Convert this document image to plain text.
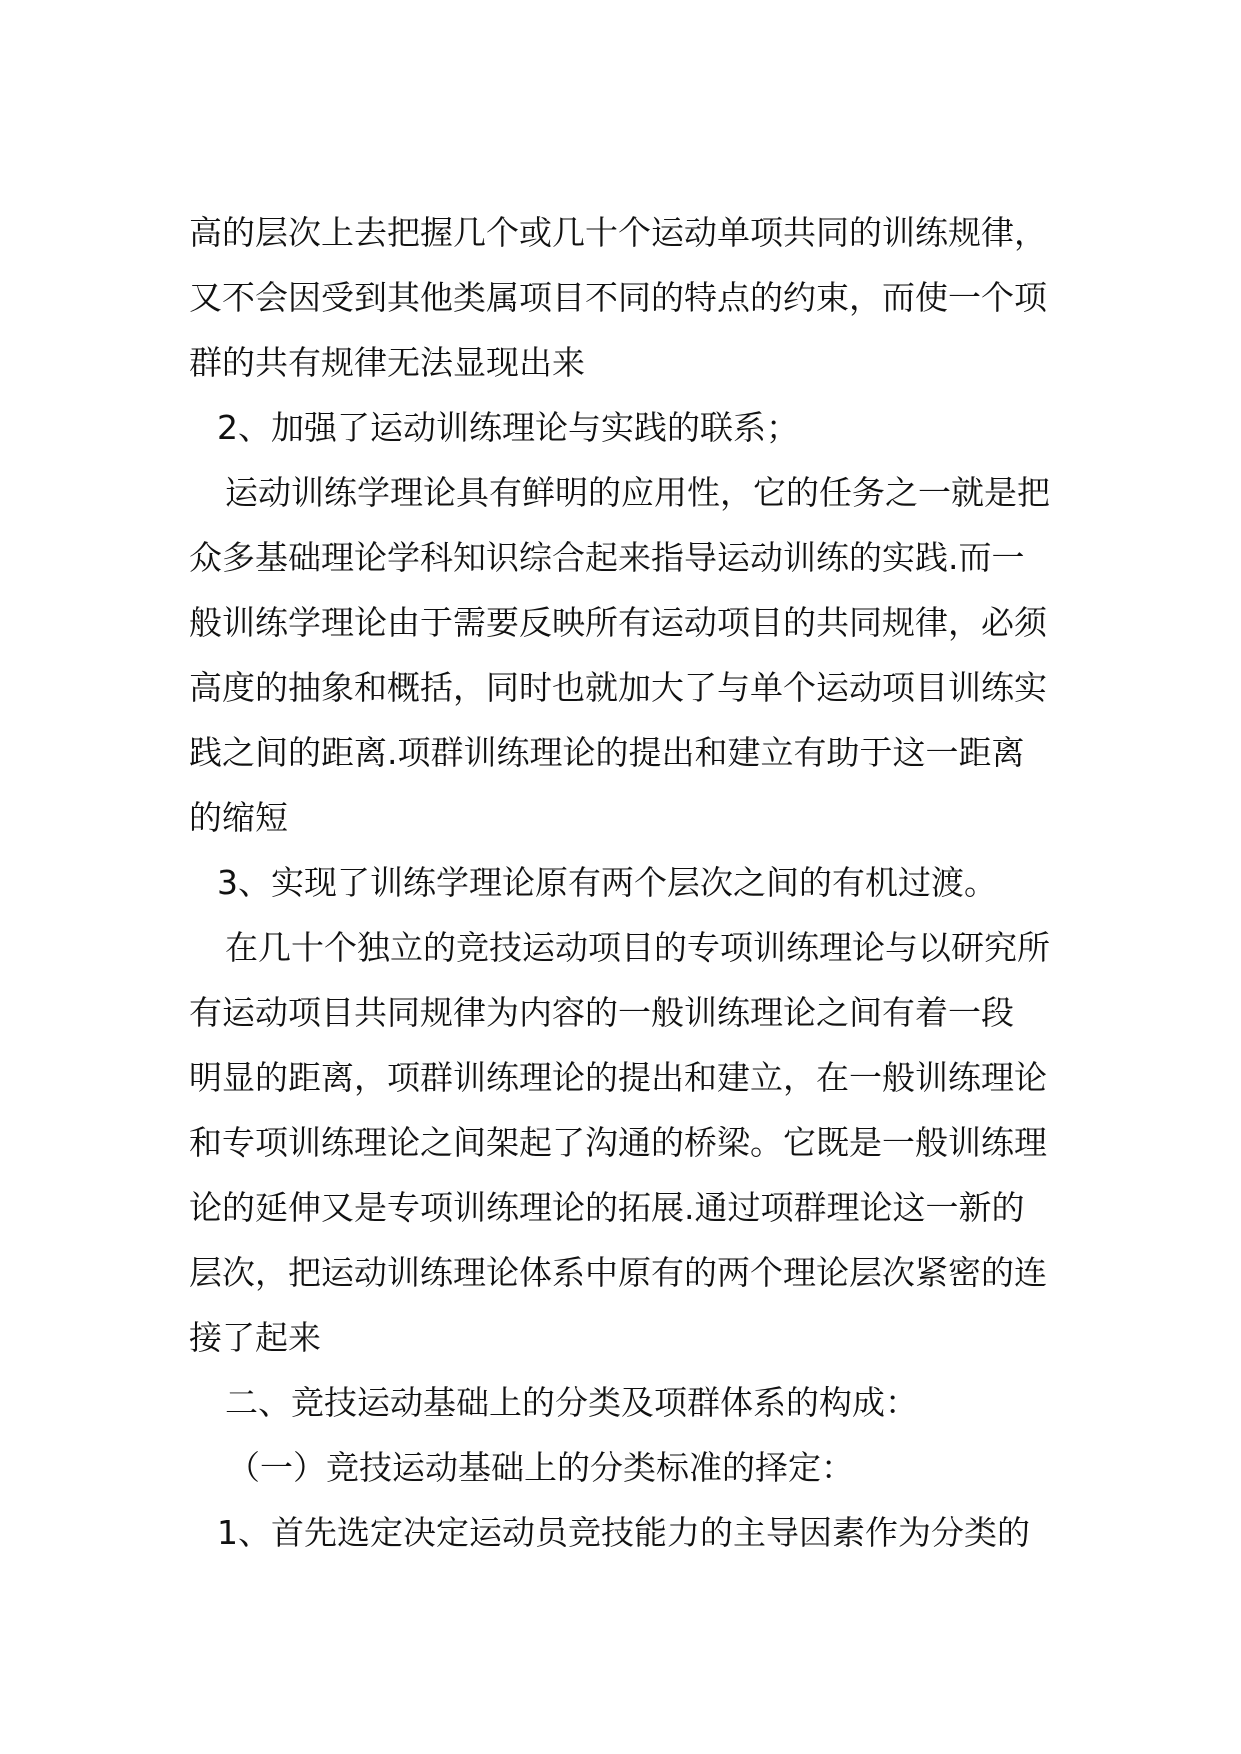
高的层次上去把握几个或几十个运动单项共同的训练规律，
又不会因受到其他类属项目不同的特点的约束，而使一个项
群的共有规律无法显现出来
2、加强了运动训练理论与实践的联系；
运动训练学理论具有鲜明的应用性，它的任务之一就是把
众多基础理论学科知识综合起来指导运动训练的实践.而一
般训练学理论由于需要反映所有运动项目的共同规律，必须
高度的抽象和概括，同时也就加大了与单个运动项目训练实
践之间的距离.项群训练理论的提出和建立有助于这一距离
的缩短
3、实现了训练学理论原有两个层次之间的有机过渡。
在几十个独立的竞技运动项目的专项训练理论与以研究所
有运动项目共同规律为内容的一般训练理论之间有着一段
明显的距离，项群训练理论的提出和建立，在一般训练理论
和专项训练理论之间架起了沟通的桥梁。它既是一般训练理
论的延伸又是专项训练理论的拓展.通过项群理论这一新的
层次，把运动训练理论体系中原有的两个理论层次紧密的连
接了起来
二、竞技运动基础上的分类及项群体系的构成：
（一）竞技运动基础上的分类标准的择定：
1、首先选定决定运动员竞技能力的主导因素作为分类的
